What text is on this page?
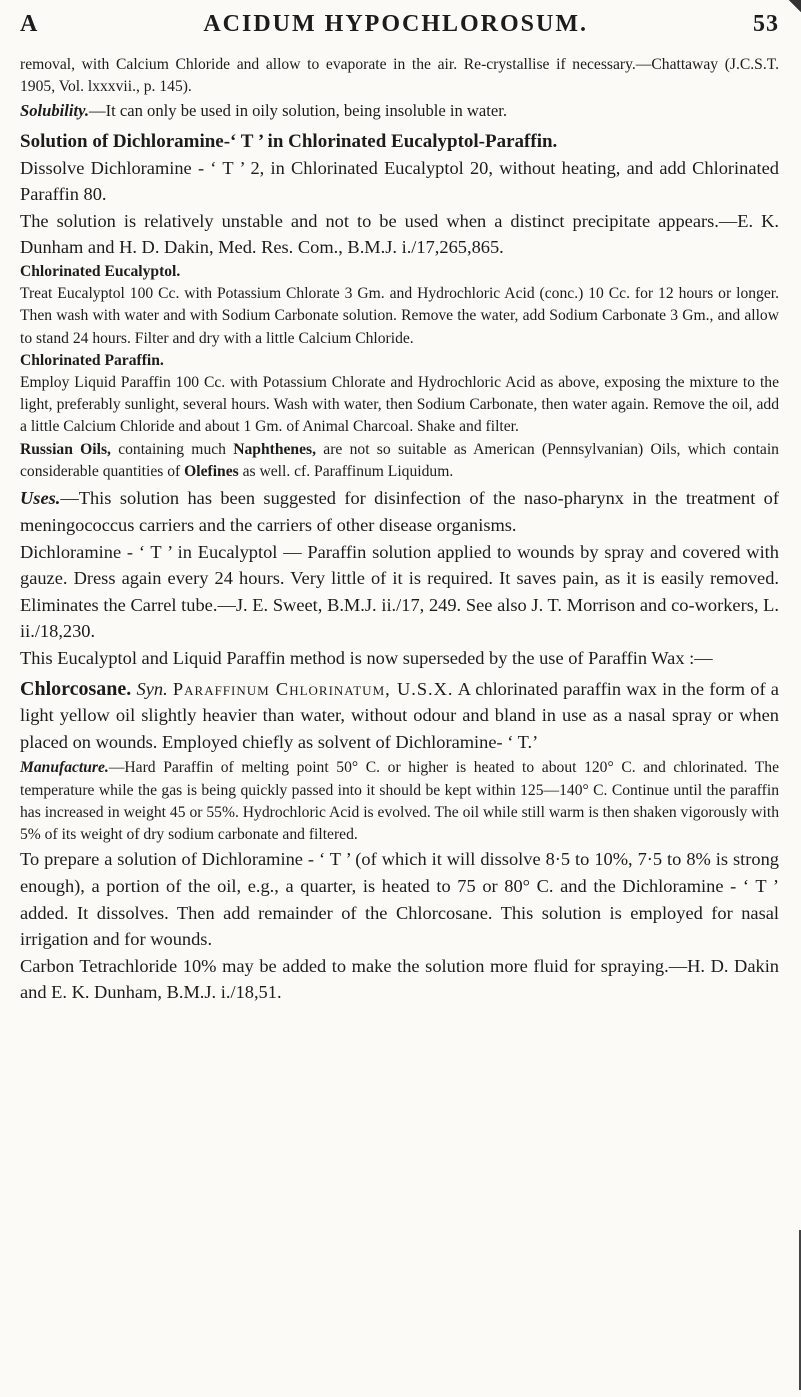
A	ACIDUM HYPOCHLOROSUM.	53

removal, with Calcium Chloride and allow to evaporate in the air. Re-crystallise if necessary.—Chattaway (J.C.S.T. 1905, Vol. lxxxvii., p. 145).

Solubility.—It can only be used in oily solution, being insoluble in water.

Solution of Dichloramine-‘ T ’ in Chlorinated Eucalyptol-Paraffin.

Dissolve Dichloramine - ‘ T ’ 2, in Chlorinated Eucalyptol 20, without heating, and add Chlorinated Paraffin 80.

The solution is relatively unstable and not to be used when a distinct precipitate appears.—E. K. Dunham and H. D. Dakin, Med. Res. Com., B.M.J. i./17,265,865.

Chlorinated Eucalyptol.

Treat Eucalyptol 100 Cc. with Potassium Chlorate 3 Gm. and Hydrochloric Acid (conc.) 10 Cc. for 12 hours or longer. Then wash with water and with Sodium Carbonate solution. Remove the water, add Sodium Carbonate 3 Gm., and allow to stand 24 hours. Filter and dry with a little Calcium Chloride.

Chlorinated Paraffin.

Employ Liquid Paraffin 100 Cc. with Potassium Chlorate and Hydrochloric Acid as above, exposing the mixture to the light, preferably sunlight, several hours. Wash with water, then Sodium Carbonate, then water again. Remove the oil, add a little Calcium Chloride and about 1 Gm. of Animal Charcoal. Shake and filter.

Russian Oils, containing much Naphthenes, are not so suitable as American (Pennsylvanian) Oils, which contain considerable quantities of Olefines as well. cf. Paraffinum Liquidum.

Uses.—This solution has been suggested for disinfection of the naso-pharynx in the treatment of meningococcus carriers and the carriers of other disease organisms.

Dichloramine - ‘ T ’ in Eucalyptol — Paraffin solution applied to wounds by spray and covered with gauze. Dress again every 24 hours. Very little of it is required. It saves pain, as it is easily removed. Eliminates the Carrel tube.—J. E. Sweet, B.M.J. ii./17, 249. See also J. T. Morrison and co-workers, L. ii./18,230.

This Eucalyptol and Liquid Paraffin method is now superseded by the use of Paraffin Wax :—

Chlorcosane. Syn. Paraffinum Chlorinatum, U.S.X. A chlorinated paraffin wax in the form of a light yellow oil slightly heavier than water, without odour and bland in use as a nasal spray or when placed on wounds. Employed chiefly as solvent of Dichloramine- ‘ T.’

Manufacture.—Hard Paraffin of melting point 50° C. or higher is heated to about 120° C. and chlorinated. The temperature while the gas is being quickly passed into it should be kept within 125—140° C. Continue until the paraffin has increased in weight 45 or 55%. Hydrochloric Acid is evolved. The oil while still warm is then shaken vigorously with 5% of its weight of dry sodium carbonate and filtered.

To prepare a solution of Dichloramine - ‘ T ’ (of which it will dissolve 8·5 to 10%, 7·5 to 8% is strong enough), a portion of the oil, e.g., a quarter, is heated to 75 or 80° C. and the Dichloramine - ‘ T ’ added. It dissolves. Then add remainder of the Chlorcosane. This solution is employed for nasal irrigation and for wounds.

Carbon Tetrachloride 10% may be added to make the solution more fluid for spraying.—H. D. Dakin and E. K. Dunham, B.M.J. i./18,51.
